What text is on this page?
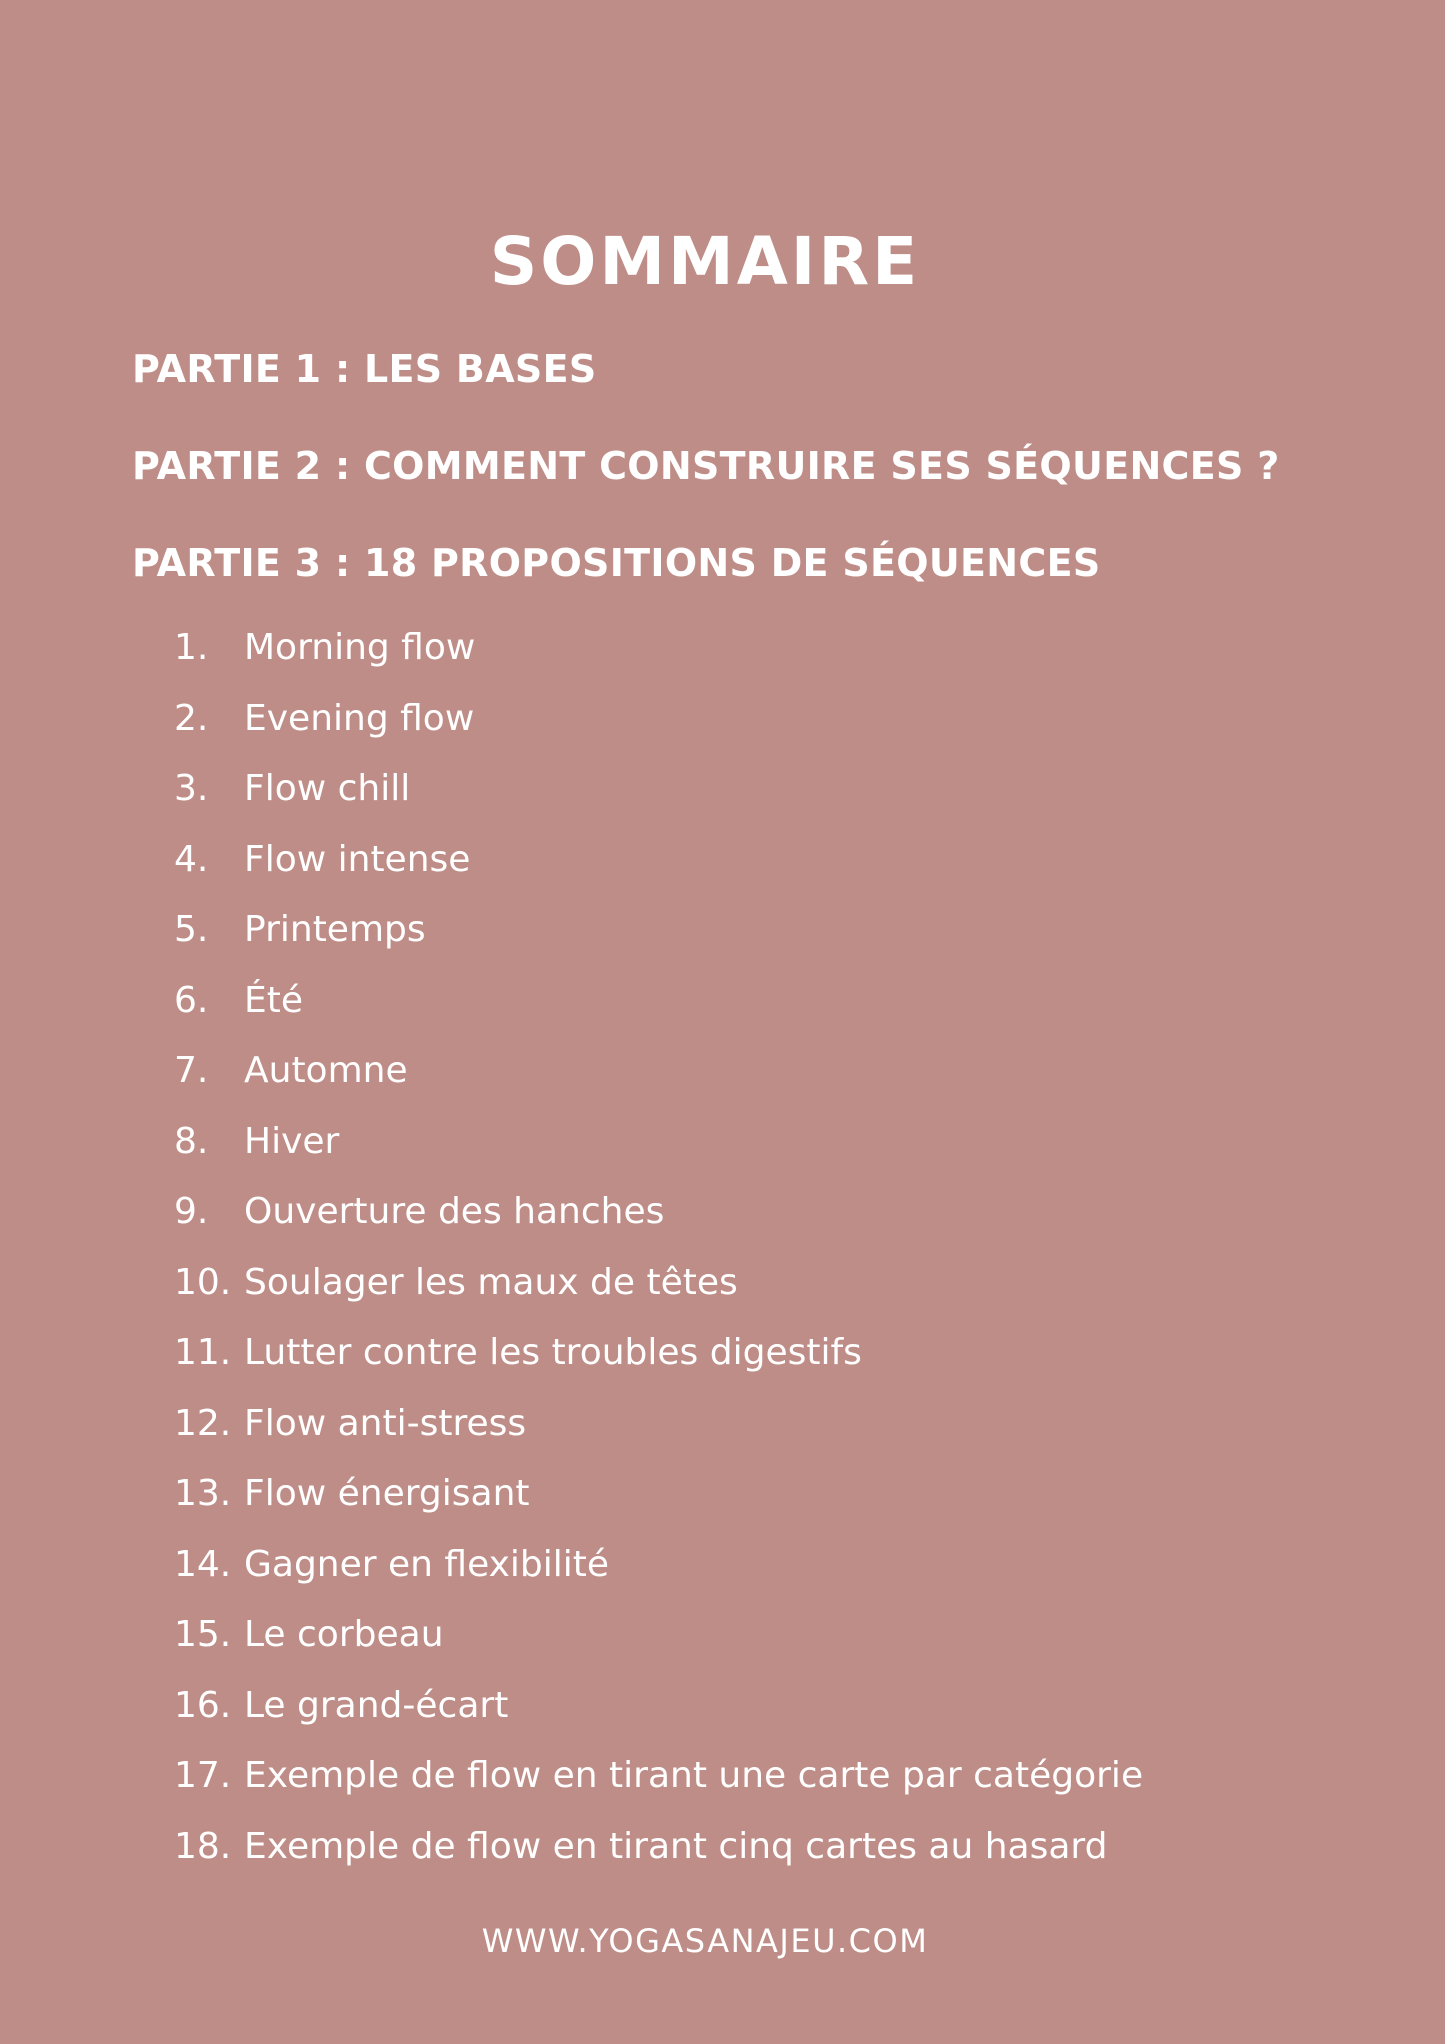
SOMMAIRE
PARTIE 1 : LES BASES
PARTIE 2 : COMMENT CONSTRUIRE SES SÉQUENCES ?
PARTIE 3 : 18 PROPOSITIONS DE SÉQUENCES
1. Morning flow
2. Evening flow
3. Flow chill
4. Flow intense
5. Printemps
6. Été
7. Automne
8. Hiver
9. Ouverture des hanches
10. Soulager les maux de têtes
11. Lutter contre les troubles digestifs
12. Flow anti-stress
13. Flow énergisant
14. Gagner en flexibilité
15. Le corbeau
16. Le grand-écart
17. Exemple de flow en tirant une carte par catégorie
18. Exemple de flow en tirant cinq cartes au hasard
WWW.YOGASANAJEU.COM
